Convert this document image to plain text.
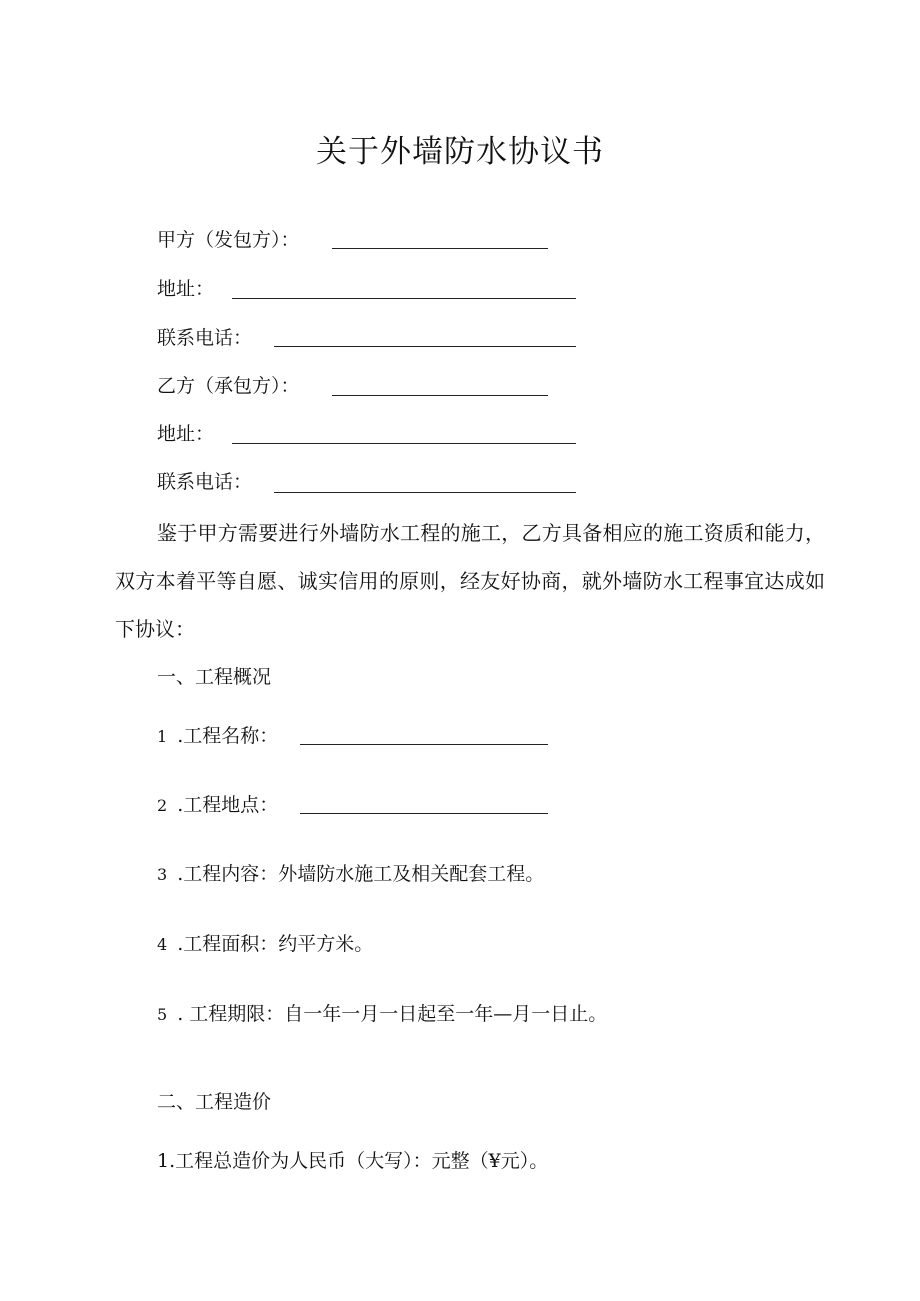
关于外墙防水协议书
甲方（发包方）：
地址：
联系电话：
乙方（承包方）：
地址：
联系电话：
鉴于甲方需要进行外墙防水工程的施工，乙方具备相应的施工资质和能力，双方本着平等自愿、诚实信用的原则，经友好协商，就外墙防水工程事宜达成如下协议：
一、工程概况
1 .工程名称：
2 .工程地点：
3 .工程内容：外墙防水施工及相关配套工程。
4 .工程面积：约平方米。
5 . 工程期限：自一年一月一日起至一年—月一日止。
二、工程造价
1.工程总造价为人民币（大写）：元整（¥元）。
